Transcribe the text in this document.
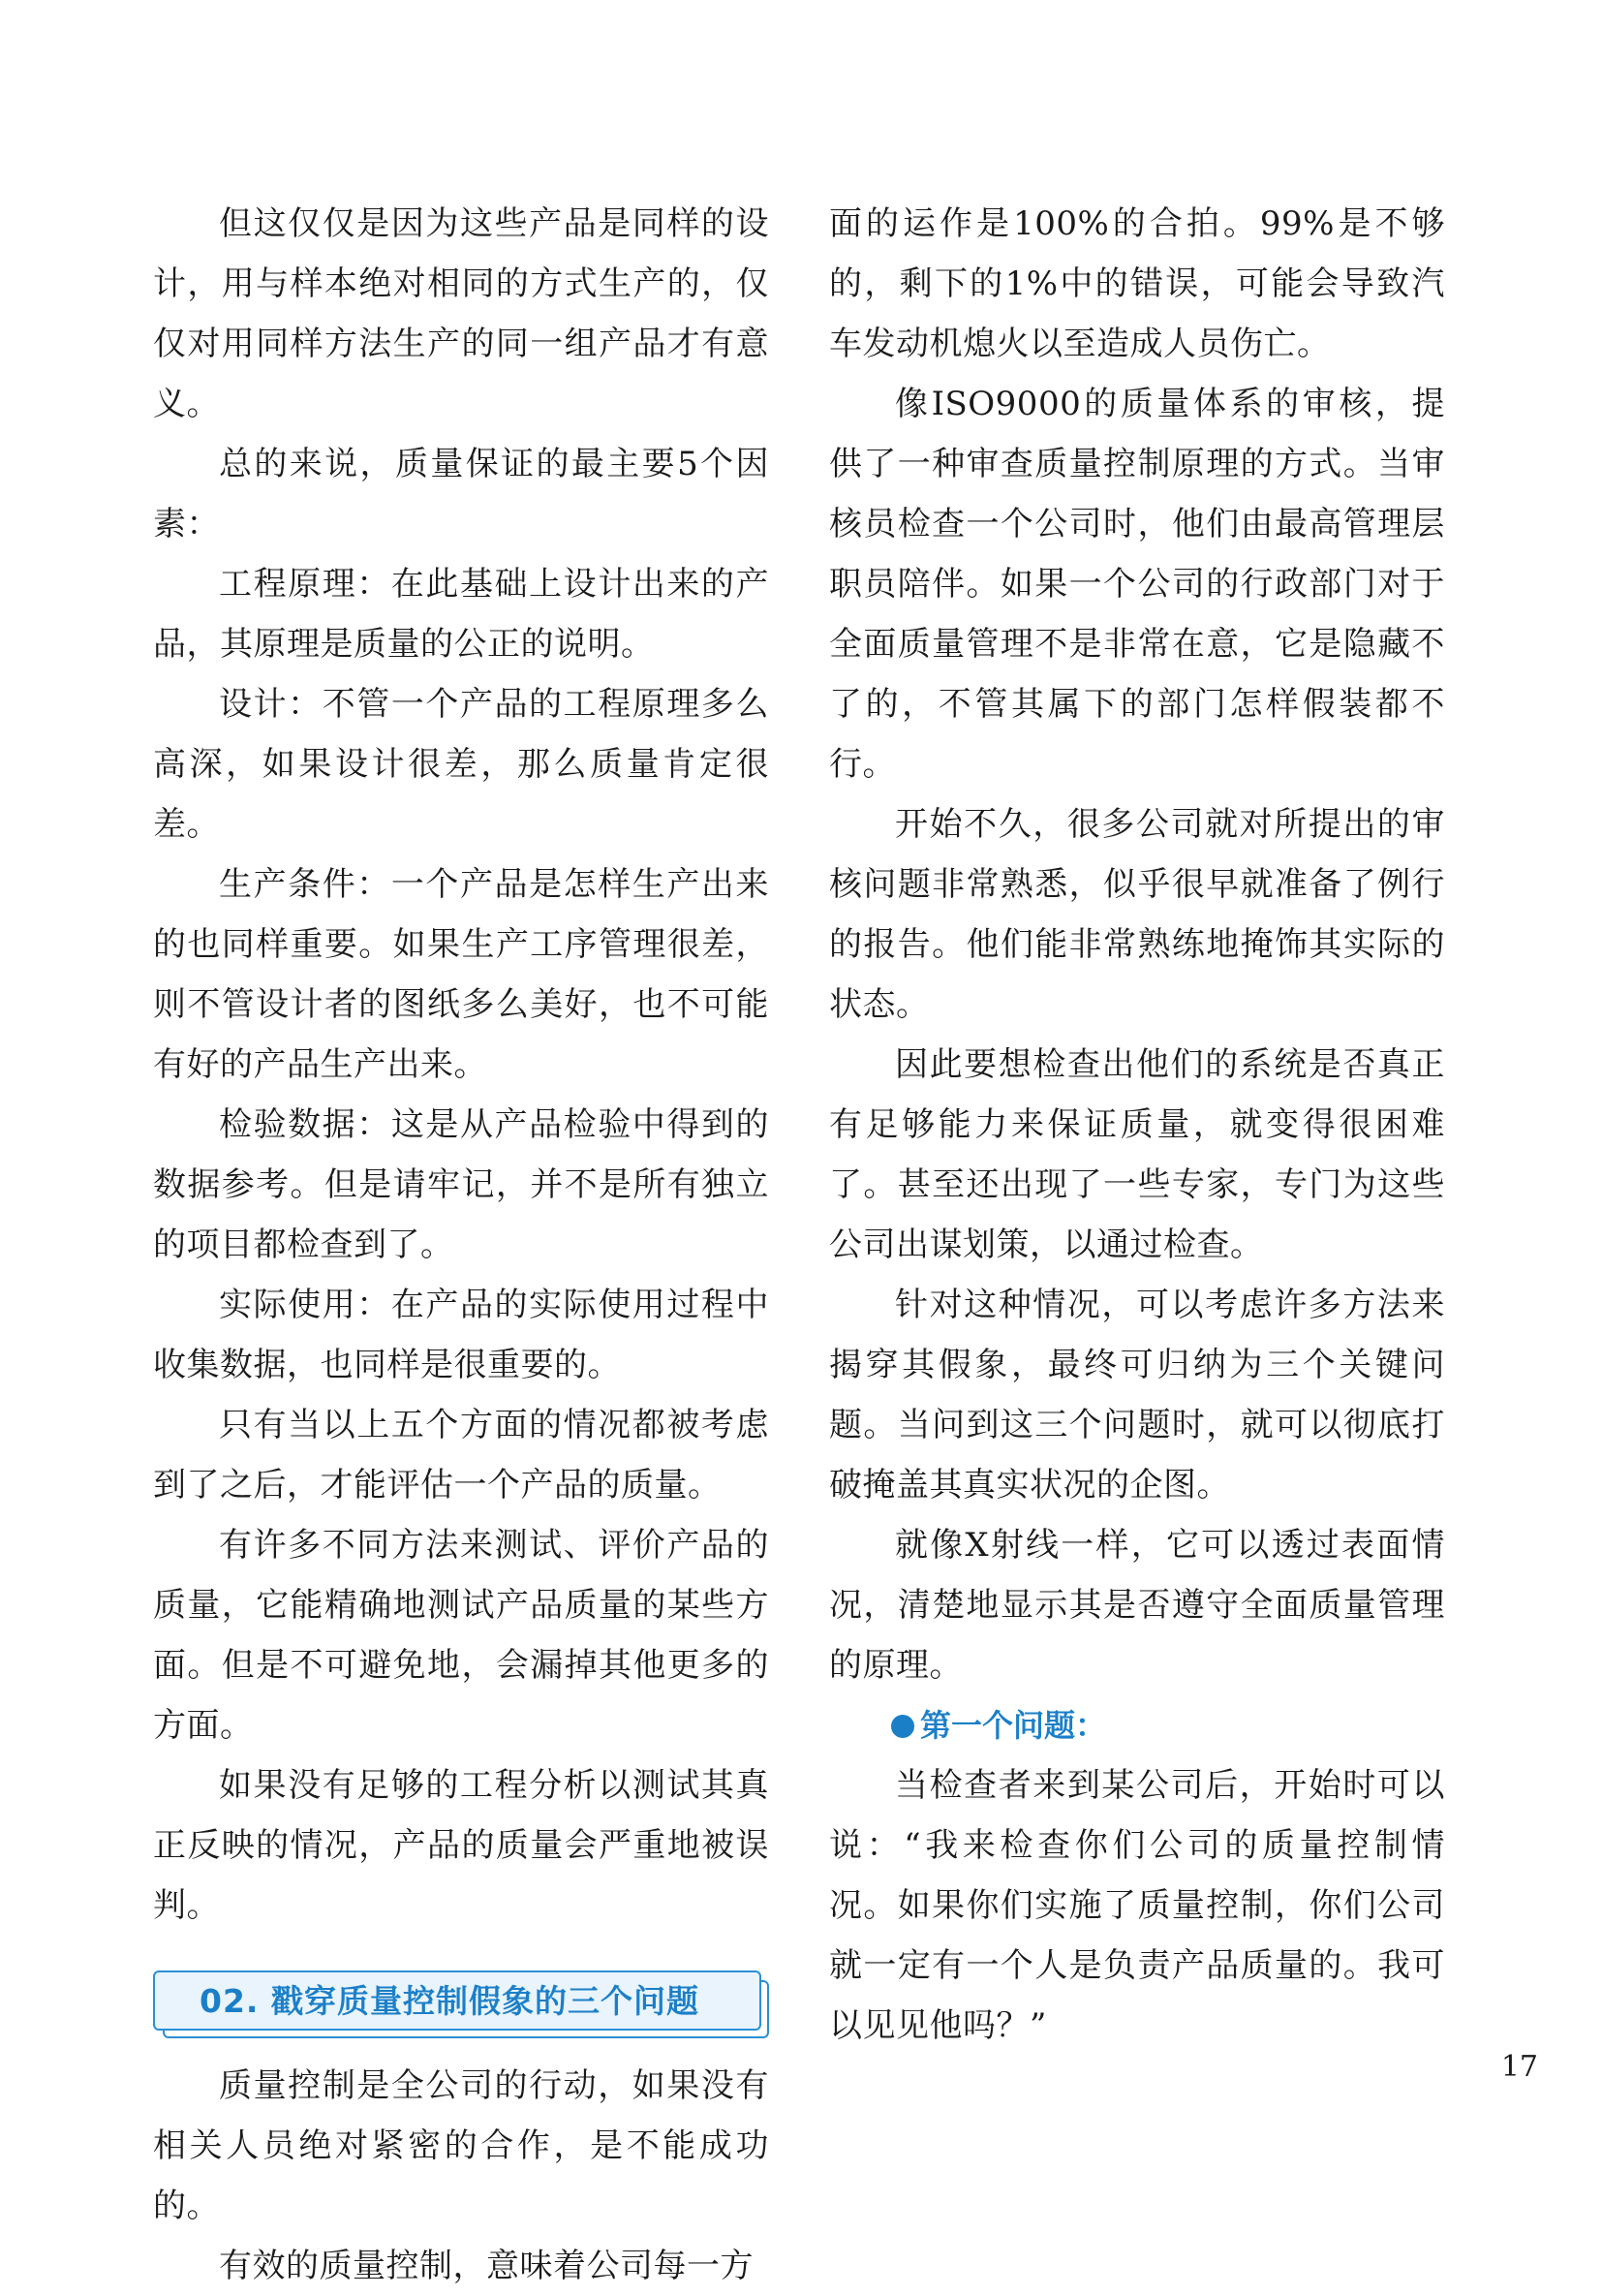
但这仅仅是因为这些产品是同样的设计，用与样本绝对相同的方式生产的，仅仅对用同样方法生产的同一组产品才有意义。

总的来说，质量保证的最主要5个因素：

工程原理：在此基础上设计出来的产品，其原理是质量的公正的说明。

设计：不管一个产品的工程原理多么高深，如果设计很差，那么质量肯定很差。

生产条件：一个产品是怎样生产出来的也同样重要。如果生产工序管理很差，则不管设计者的图纸多么美好，也不可能有好的产品生产出来。

检验数据：这是从产品检验中得到的数据参考。但是请牢记，并不是所有独立的项目都检查到了。

实际使用：在产品的实际使用过程中收集数据，也同样是很重要的。

只有当以上五个方面的情况都被考虑到了之后，才能评估一个产品的质量。

有许多不同方法来测试、评价产品的质量，它能精确地测试产品质量的某些方面。但是不可避免地，会漏掉其他更多的方面。

如果没有足够的工程分析以测试其真正反映的情况，产品的质量会严重地被误判。

02. 戳穿质量控制假象的三个问题

质量控制是全公司的行动，如果没有相关人员绝对紧密的合作，是不能成功的。

有效的质量控制，意味着公司每一方

面的运作是100%的合拍。99%是不够的，剩下的1%中的错误，可能会导致汽车发动机熄火以至造成人员伤亡。

像ISO9000的质量体系的审核，提供了一种审查质量控制原理的方式。当审核员检查一个公司时，他们由最高管理层职员陪伴。如果一个公司的行政部门对于全面质量管理不是非常在意，它是隐藏不了的，不管其属下的部门怎样假装都不行。

开始不久，很多公司就对所提出的审核问题非常熟悉，似乎很早就准备了例行的报告。他们能非常熟练地掩饰其实际的状态。

因此要想检查出他们的系统是否真正有足够能力来保证质量，就变得很困难了。甚至还出现了一些专家，专门为这些公司出谋划策，以通过检查。

针对这种情况，可以考虑许多方法来揭穿其假象，最终可归纳为三个关键问题。当问到这三个问题时，就可以彻底打破掩盖其真实状况的企图。

就像X射线一样，它可以透过表面情况，清楚地显示其是否遵守全面质量管理的原理。

第一个问题：

当检查者来到某公司后，开始时可以说：“我来检查你们公司的质量控制情况。如果你们实施了质量控制，你们公司就一定有一个人是负责产品质量的。我可以见见他吗？”

17
